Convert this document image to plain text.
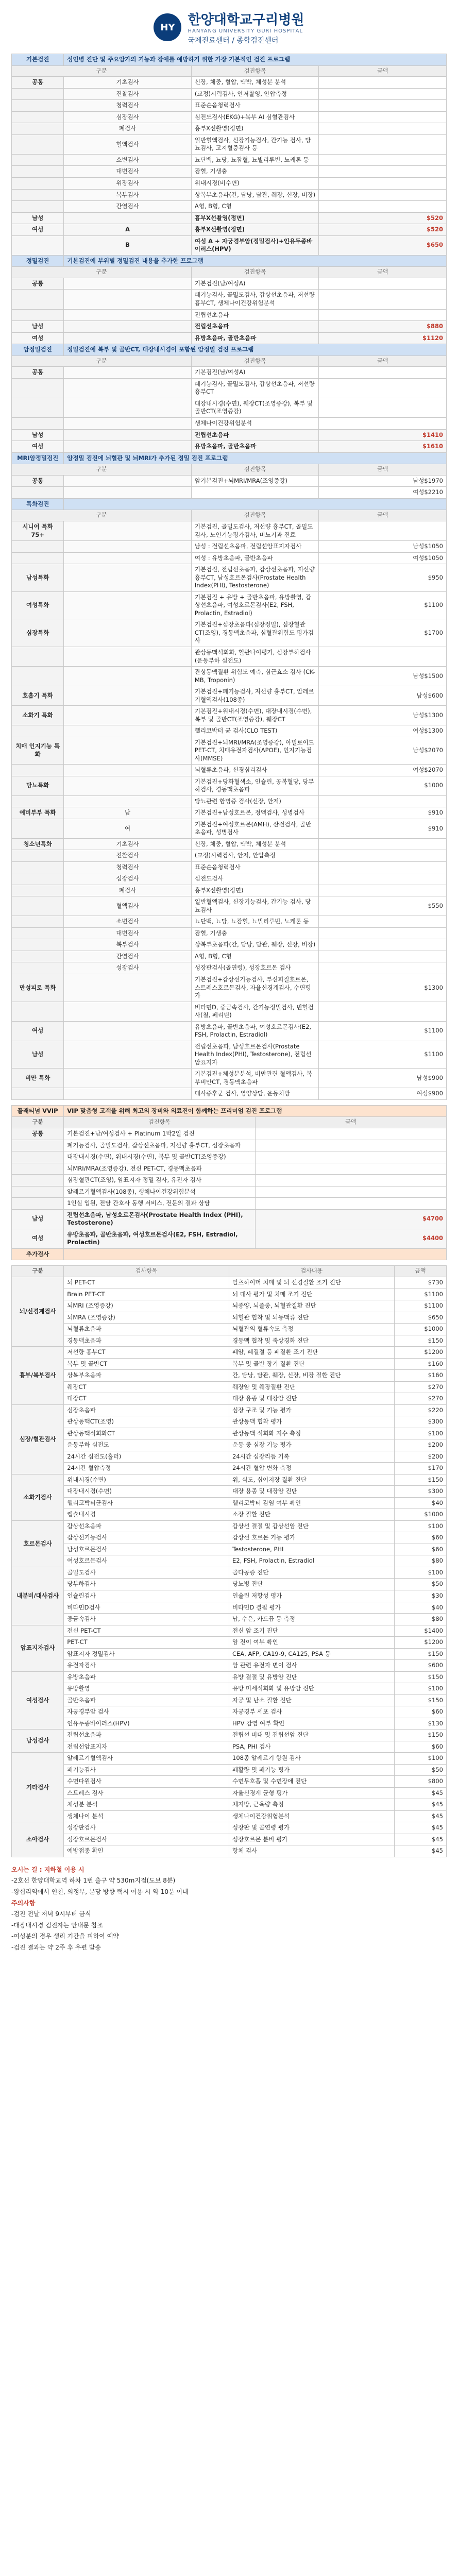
HY 한양대학교구리병원
HANYANG UNIVERSITY GURI HOSPITAL
국제진료센터 / 종합검진센터
기본검진	성인병 진단 및 주요암가의 기능과 장애를 예방하기 위한 가장 기본적인 검진 프로그램		
구분		검진항목	금액
공통	기초검사	신장, 체중, 혈압, 맥박, 체성분 분석	
	진찰검사	(교정)시력검사, 안저촬영, 안압측정	
	청력검사	표준순음청력검사	
	심장검사	심전도검사(EKG)+복부 AI 심혈관검사	
	폐검사	흉부X선촬영(정면)	
	혈액검사	일반혈액검사, 신장기능검사, 간기능 검사, 당뇨검사, 고지혈증검사 등	
	소변검사	뇨단백, 뇨당, 뇨잠혈, 뇨빌리루빈, 뇨케톤 등	
	대변검사	잠혈, 기생충	
	위장검사	위내시경(비수면)	
	복부검사	상복부초음파(간, 담낭, 담관, 췌장, 신장, 비장)	
	간염검사	A형, B형, C형	
남성		흉부X선촬영(정면)	$520
여성	A	흉부X선촬영(정면)	$520
	B	여성 A + 자궁경부암(정밀검사)+인유두종바이러스(HPV)	$650
정밀검진	기본검진에 부위별 정밀검진 내용을 추가한 프로그램		
구분		검진항목	금액
공통		기본검진(남/여성A)	
		폐기능검사, 골밀도검사, 갑상선초음파, 저선량흉부CT, 생체나이건강위험분석	
		전립선초음파	
남성		전립선초음파	$880
여성		유방초음파, 골반초음파	$1120
암정밀검진	정밀검진에 복부 및 골반CT, 대장내시경이 포함된 암정밀 검진 프로그램		
구분		검진항목	금액
공통		기본검진(남/여성A)	
		폐기능검사, 골밀도검사, 갑상선초음파, 저선량흉부CT	
		대장내시경(수면), 췌장CT(조영증강), 복부 및 골반CT(조영증강)	
		생체나이건강위험분석	
남성		전립선초음파	$1410
여성		유방초음파, 골반초음파	$1610
MRI암정밀검진	암정밀 검진에 뇌혈관 및 뇌MRI가 추가된 정밀 검진 프로그램		
구분		검진항목	금액
공통		암기본검진+뇌MRI/MRA(조영증강)	남성$1970
			여성$2210
특화검진			
구분		검진항목	금액
시니어 특화 75+		기본검진, 골밀도검사, 저선량 흉부CT, 골밀도검사, 노인기능평가검사, 비뇨기과 진료	
		남성 : 전립선초음파, 전립선암표지자검사	남성$1050
		여성 : 유방초음파, 골반초음파	여성$1050
남성특화		기본검진, 전립선초음파, 갑상선초음파, 저선량 흉부CT, 남성호르몬검사(Prostate Health Index(PHI), Testosterone)	$950
여성특화		기본검진 + 유방 + 골반초음파, 유방촬영, 갑상선초음파, 여성호르몬검사(E2, FSH, Prolactin, Estradiol)	$1100
심장특화		기본검진+심장초음파(심장정밀), 심장혈관CT(조영), 경동맥초음파, 심혈관위험도 평가검사	$1700
		관상동맥석회화, 혈관나이평가, 심장부하검사(운동부하 심전도)	
		관상동맥질환 위험도 예측, 심근효소 검사 (CK-MB, Troponin)	남성$1500
호흡기 특화		기본검진+폐기능검사, 저선량 흉부CT, 알레르기혈액검사(108종)	남성$600
소화기 특화		기본검진+위내시경(수면), 대장내시경(수면), 복부 및 골반CT(조영증강), 췌장CT	남성$1300
		헬리코박터 균 검사(CLO TEST)	여성$1300
치매 인지기능 특화		기본검진+뇌MRI/MRA(조영증강), 아밀로이드 PET-CT, 치매유전자검사(APOE), 인지기능검사(MMSE)	남성$2070
		뇌혈류초음파, 신경심리검사	여성$2070
당뇨특화		기본검진+당화혈색소, 인슐린, 공복혈당, 당부하검사, 경동맥초음파	$1000
		당뇨관련 합병증 검사(신장, 안저)	
예비부부 특화	남	기본검진+남성호르몬, 정액검사, 성병검사	$910
	여	기본검진+여성호르몬(AMH), 산전검사, 골반초음파, 성병검사	$910
청소년특화	기초검사	신장, 체중, 혈압, 맥박, 체성분 분석	
	진찰검사	(교정)시력검사, 안저, 안압측정	
	청력검사	표준순음청력검사	
	심장검사	심전도검사	
	폐검사	흉부X선촬영(정면)	
	혈액검사	일반혈액검사, 신장기능검사, 간기능 검사, 당뇨검사	$550
	소변검사	뇨단백, 뇨당, 뇨잠혈, 뇨빌리루빈, 뇨케톤 등	
	대변검사	잠혈, 기생충	
	복부검사	상복부초음파(간, 담낭, 담관, 췌장, 신장, 비장)	
	간염검사	A형, B형, C형	
	성장검사	성장판검사(골연령), 성장호르몬 검사	
만성피로 특화		기본검진+갑상선기능검사, 부신피질호르몬, 스트레스호르몬검사, 자율신경계검사, 수면평가	$1300
		비타민D, 중금속검사, 간기능정밀검사, 빈혈검사(철, 페리틴)	
여성		유방초음파, 골반초음파, 여성호르몬검사(E2, FSH, Prolactin, Estradiol)	$1100
남성		전립선초음파, 남성호르몬검사(Prostate Health Index(PHI), Testosterone), 전립선암표지자	$1100
비만 특화		기본검진+체성분분석, 비만관련 혈액검사, 복부비만CT, 경동맥초음파	남성$900
		대사증후군 검사, 영양상담, 운동처방	여성$900
플래티넘 VVIP	VIP 맞춤형 고객을 위해 최고의 장비와 의료진이 함께하는 프리미엄 검진 프로그램	
구분	검진항목	금액
공통	기본검진+남/여성검사 + Platinum 1박2일 검진	
	폐기능검사, 골밀도검사, 갑상선초음파, 저선량 흉부CT, 심장초음파	
	대장내시경(수면), 위내시경(수면), 복부 및 골반CT(조영증강)	
	뇌MRI/MRA(조영증강), 전신 PET-CT, 경동맥초음파	
	심장혈관CT(조영), 암표지자 정밀 검사, 유전자 검사	
	알레르기혈액검사(108종), 생체나이건강위험분석	
	1인실 입원, 전담 간호사 동행 서비스, 전문의 결과 상담	
남성	전립선초음파, 남성호르몬검사(Prostate Health Index (PHI), Testosterone)	$4700
여성	유방초음파, 골반초음파, 여성호르몬검사(E2, FSH, Estradiol, Prolactin)	$4400
추가검사		
구분	검사항목	검사내용	금액
뇌/신경계검사	뇌 PET-CT	알츠하이머 치매 및 뇌 신경질환 조기 진단	$730
	Brain PET-CT	뇌 대사 평가 및 치매 조기 진단	$1100
	뇌MRI (조영증강)	뇌종양, 뇌졸중, 뇌혈관질환 진단	$1100
	뇌MRA (조영증강)	뇌혈관 협착 및 뇌동맥류 진단	$650
	뇌혈류초음파	뇌혈관의 혈류속도 측정	$1000
	경동맥초음파	경동맥 협착 및 죽상경화 진단	$150
흉부/복부검사	저선량 흉부CT	폐암, 폐결절 등 폐질환 조기 진단	$1200
	복부 및 골반CT	복부 및 골반 장기 질환 진단	$160
	상복부초음파	간, 담낭, 담관, 췌장, 신장, 비장 질환 진단	$160
	췌장CT	췌장암 및 췌장질환 진단	$270
	대장CT	대장 용종 및 대장암 진단	$270
심장/혈관검사	심장초음파	심장 구조 및 기능 평가	$220
	관상동맥CT(조영)	관상동맥 협착 평가	$300
	관상동맥석회화CT	관상동맥 석회화 지수 측정	$100
	운동부하 심전도	운동 중 심장 기능 평가	$200
	24시간 심전도(홀터)	24시간 심장리듬 기록	$200
	24시간 혈압측정	24시간 혈압 변화 측정	$170
소화기검사	위내시경(수면)	위, 식도, 십이지장 질환 진단	$150
	대장내시경(수면)	대장 용종 및 대장암 진단	$300
	헬리코박터균검사	헬리코박터 감염 여부 확인	$40
	캡슐내시경	소장 질환 진단	$1000
호르몬검사	갑상선초음파	갑상선 결절 및 갑상선암 진단	$100
	갑상선기능검사	갑상선 호르몬 기능 평가	$60
	남성호르몬검사	Testosterone, PHI	$60
	여성호르몬검사	E2, FSH, Prolactin, Estradiol	$80
내분비/대사검사	골밀도검사	골다공증 진단	$100
	당부하검사	당뇨병 진단	$50
	인슐린검사	인슐린 저항성 평가	$30
	비타민D검사	비타민D 결핍 평가	$40
	중금속검사	납, 수은, 카드뮴 등 측정	$80
암표지자검사	전신 PET-CT	전신 암 조기 진단	$1400
	PET-CT	암 전이 여부 확인	$1200
	암표지자 정밀검사	CEA, AFP, CA19-9, CA125, PSA 등	$150
	유전자검사	암 관련 유전자 변이 검사	$600
여성검사	유방초음파	유방 결절 및 유방암 진단	$150
	유방촬영	유방 미세석회화 및 유방암 진단	$100
	골반초음파	자궁 및 난소 질환 진단	$150
	자궁경부암 검사	자궁경부 세포 검사	$60
	인유두종바이러스(HPV)	HPV 감염 여부 확인	$130
남성검사	전립선초음파	전립선 비대 및 전립선암 진단	$150
	전립선암표지자	PSA, PHI 검사	$60
기타검사	알레르기혈액검사	108종 알레르기 항원 검사	$100
	폐기능검사	폐활량 및 폐기능 평가	$50
	수면다원검사	수면무호흡 및 수면장애 진단	$800
	스트레스 검사	자율신경계 균형 평가	$45
	체성분 분석	체지방, 근육량 측정	$45
	생체나이 분석	생체나이건강위험분석	$45
소아검사	성장판검사	성장판 및 골연령 평가	$45
	성장호르몬검사	성장호르몬 분비 평가	$45
	예방접종 확인	항체 검사	$45
오시는 길 : 지하철 이용 시
-2호선 한양대학교역 하차 1번 출구 약 530m지점(도보 8분)
-왕십리역에서 인천, 의정부, 분당 방향 택시 이용 시 약 10분 이내
주의사항
-검진 전날 저녁 9시부터 금식
-대장내시경 검진자는 안내문 참조
-여성분의 경우 생리 기간을 피하여 예약
-검진 결과는 약 2주 후 우편 발송
